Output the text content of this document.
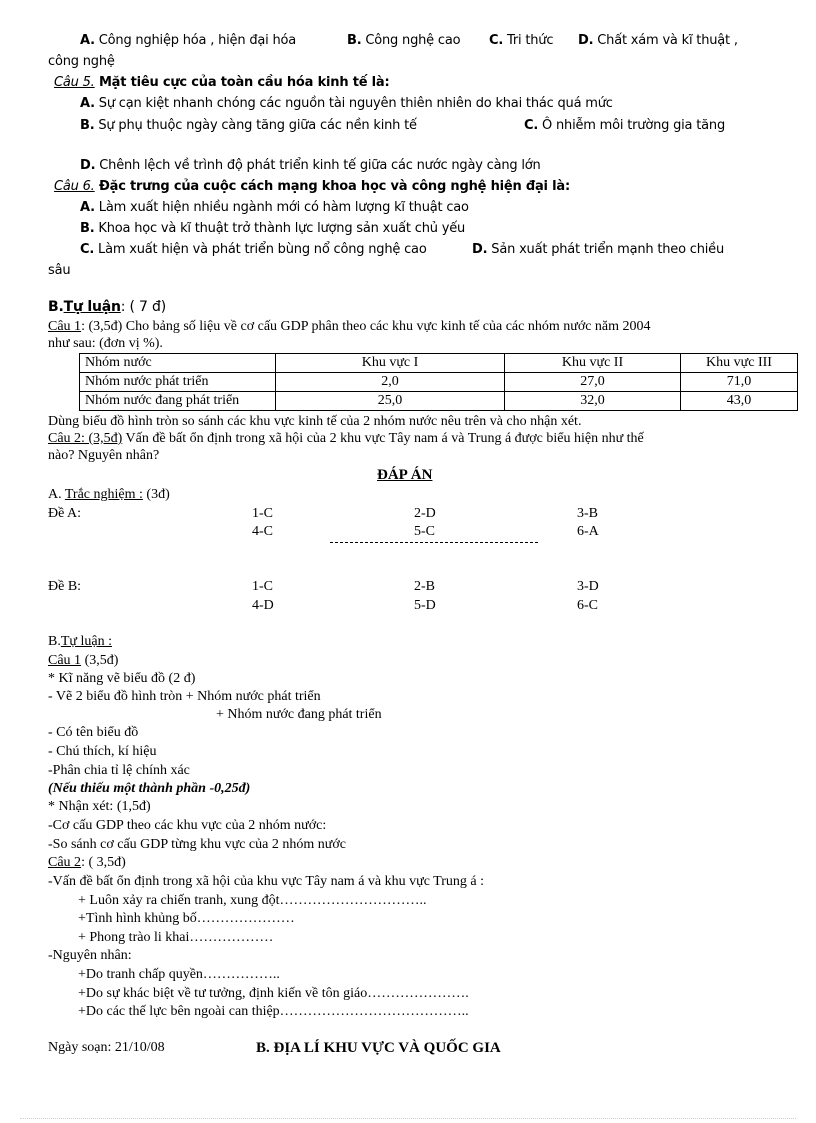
A. Công nghiệp hóa , hiện đại hóa	B. Công nghệ cao C. Tri thức D. Chất xám và kĩ thuật ,
công nghệ
Câu 5. Mặt tiêu cực của toàn cầu hóa kinh tế là:
A. Sự cạn kiệt nhanh chóng các nguồn tài nguyên thiên nhiên do khai thác quá mức
B. Sự phụ thuộc ngày càng tăng giữa các nền kinh tế	C. Ô nhiễm môi trường gia tăng
D. Chênh lệch về trình độ phát triển kinh tế giữa các nước ngày càng lớn
Câu 6. Đặc trưng của cuộc cách mạng khoa học và công nghệ hiện đại là:
A. Làm xuất hiện nhiều ngành mới có hàm lượng kĩ thuật cao
B. Khoa học và kĩ thuật trở thành lực lượng sản xuất chủ yếu
C. Làm xuất hiện và phát triển bùng nổ công nghệ cao	D. Sản xuất phát triển mạnh theo chiều
sâu
B.Tự luận: ( 7 đ)
Câu 1: (3,5đ) Cho bảng số liệu về cơ cấu GDP phân theo các khu vực kinh tế của các nhóm nước năm 2004
như sau: (đơn vị %).
Nhóm nước	Khu vực I	Khu vực II	Khu vực III
Nhóm nước phát triển	2,0	27,0	71,0
Nhóm nước đang phát triển	25,0	32,0	43,0
Dùng biểu đồ hình tròn so sánh các khu vực kinh tế của 2 nhóm nước nêu trên và cho nhận xét.
Câu 2: (3,5đ) Vấn đề bất ổn định trong xã hội của 2 khu vực Tây nam á và Trung á được biểu hiện như thế
nào? Nguyên nhân?
ĐÁP ÁN
A. Trắc nghiệm : (3đ)
Đề A:	1-C	2-D	3-B
4-C	5-C	6-A
Đề B:	1-C	2-B	3-D
4-D	5-D	6-C
B.Tự luận :
Câu 1 (3,5đ)
* Kĩ năng vẽ biểu đồ (2 đ)
- Vẽ 2 biểu đồ hình tròn + Nhóm nước phát triển
+ Nhóm nước đang phát triển
- Có tên biểu đồ
- Chú thích, kí hiệu
-Phân chia tỉ lệ chính xác
(Nếu thiếu một thành phần -0,25đ)
* Nhận xét: (1,5đ)
-Cơ cấu GDP theo các khu vực của 2 nhóm nước:
-So sánh cơ cấu GDP từng khu vực của 2 nhóm nước
Câu 2: ( 3,5đ)
-Vấn đề bất ổn định trong xã hội của khu vực Tây nam á và khu vực Trung á :
+ Luôn xảy ra chiến tranh, xung đột…………………………..
+Tình hình khủng bố…………………
+ Phong trào li khai………………
-Nguyên nhân:
+Do tranh chấp quyền……………..
+Do sự khác biệt về tư tưởng, định kiến về tôn giáo………………….
+Do các thế lực bên ngoài can thiệp…………………………………..
Ngày soạn: 21/10/08	B. ĐỊA LÍ KHU VỰC VÀ QUỐC GIA
